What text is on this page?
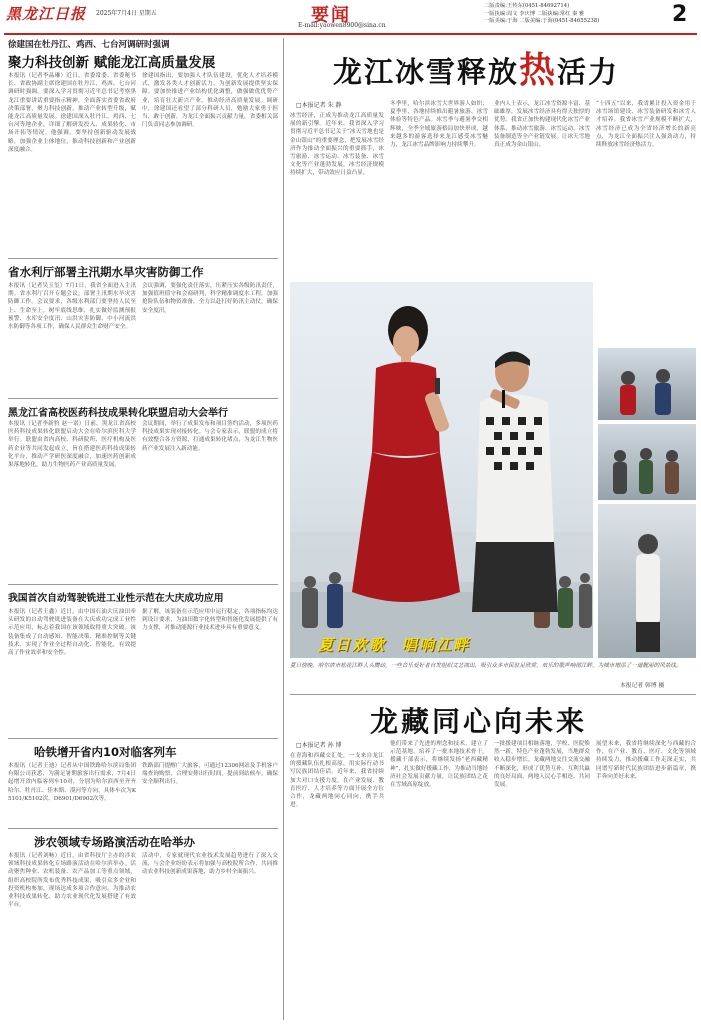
黑龙江日报 2025年7月4日 星期五	要闻
E-mail:yaowen8900@sina.cn
二版责编:王传东(0451-84692714)
一版执编:周文 李庆博 二版执编:常红 秦 雅
一版美编:于海 二版美编:于海(0451-84655238)	2
徐建国在牡丹江、鸡西、七台河调研时强调
聚力科技创新 赋能龙江高质量发展
本报讯（记者李晶琳）近日，省委常委、省委秘书长、省政协副主席徐建国在牡丹江、鸡西、七台河调研时强调，要深入学习贯彻习近平总书记考察黑龙江重要讲话重要指示精神，全面落实省委省政府决策部署，聚力科技创新，推动产业转型升级，赋能龙江高质量发展。徐建国深入牡丹江、鸡西、七台河等地企业，详细了解研发投入、成果转化、市场开拓等情况。他强调，要坚持创新驱动发展战略，加强企业主体地位，推动科技创新和产业创新深度融合。
徐建国指出，要加强人才队伍建设，优化人才培养模式，激发各类人才创新活力，为创新发展提供坚实保障。要加快推进产业结构优化调整，做强做优优势产业，培育壮大新兴产业，推动经济高质量发展。调研中，徐建国还看望了部分科研人员，勉励大家勇于担当、敢于创新，为龙江全面振兴贡献力量。省委相关部门负责同志参加调研。
省水利厅部署主汛期水旱灾害防御工作
本报讯（记者吴玉玺）7月1日，我省全面进入主汛期。省水利厅召开专题会议，部署主汛期水旱灾害防御工作。会议要求，各级水利部门要坚持人民至上、生命至上，树牢底线思维，扎实做好监测预报预警、水库安全度汛、山洪灾害防御、中小河流洪水防御等各项工作，确保人民群众生命财产安全。
会议强调，要强化责任落实，压紧压实各级防汛责任，加强值班值守和会商研判，科学精准调度水工程，加强抢险队伍和物资准备，全力以赴打好防汛主动仗，确保安全度汛。
黑龙江省高校医药科技成果转化联盟启动大会举行
本报讯（记者李新豹 赵一诺）日前，黑龙江省高校医药科技成果转化联盟启动大会在哈尔滨医科大学举行。联盟由省内高校、科研院所、医疗机构及医药企业等共同发起成立，旨在搭建医药科技成果转化平台，推动产学研医深度融合，加速医药创新成果落地转化，助力生物医药产业高质量发展。
会议期间，举行了成果发布和项目签约活动，多项医药科技成果实现对接转化。与会专家表示，联盟的成立将有效整合各方资源，打通成果转化堵点，为龙江生物医药产业发展注入新动能。
我国首次自动驾驶铣进工业性示范在大庆成功应用
本报讯（记者王鑫）近日，由中国石油大庆油田牵头研发的自动驾驶铣进装备在大庆成功完成工业性示范应用，标志着我国在该领域取得重大突破。该装备集成了自动感知、智能决策、精准控制等关键技术，实现了作业全过程自动化、智能化，有效提高了作业效率和安全性。
据了解，该装备在示范应用中运行稳定，各项指标均达到设计要求，为油田数字化转型和智能化发展提供了有力支撑，对推动能源行业技术进步具有重要意义。
哈铁增开省内10对临客列车
本报讯（记者王迪）记者从中国铁路哈尔滨局集团有限公司获悉，为满足暑期旅客出行需求，7月4日起增开省内临客列车10对，分别为哈尔滨西至齐齐哈尔、牡丹江、佳木斯、漠河等方向，具体车次为K5101/K5102次、D6901/D6902次等。
铁路部门提醒广大旅客，可通过12306网站及手机客户端查询购票，合理安排出行时间，提前到站候车，确保安全顺利出行。
涉农领域专场路演活动在哈举办
本报讯（记者刘畅）近日，由省科技厅主办的涉农领域科技成果转化专场路演活动在哈尔滨举办。活动聚焦种业、农机装备、农产品加工等重点领域，组织高校院所发布优秀科技成果，吸引众多企业和投资机构参加，现场达成多项合作意向，为推动农业科技成果转化、助力农业现代化发展搭建了有效平台。
活动中，专家就现代农业技术发展趋势进行了深入交流，与会企业纷纷表示将加强与高校院所合作，共同推动农业科技创新成果落地，助力乡村全面振兴。
龙江冰雪释放热活力
□本报记者 朱 静
冰雪经济，正成为推动龙江高质量发展的新引擎。近年来，我省深入学习贯彻习近平总书记关于“冰天雪地也是金山银山”的重要理念，把发展冰雪经济作为推动全面振兴的重要抓手，冰雪旅游、冰雪运动、冰雪装备、冰雪文化等产业蓬勃发展，冰雪经济规模持续扩大，带动效应日益凸显。
冬季里，哈尔滨冰雪大世界游人如织；夏季里，各地持续推出避暑旅游、冰雪体验等特色产品。冰雪季与避暑季交相辉映，全季全域旅游格局加快形成，越来越多的游客选择来龙江感受冰雪魅力，龙江冰雪品牌影响力持续攀升。
业内人士表示，龙江冰雪资源丰富、基础雄厚，发展冰雪经济具有得天独厚的优势。我省正加快构建现代化冰雪产业体系，推动冰雪旅游、冰雪运动、冰雪装备制造等全产业链发展，让冰天雪地真正成为金山银山。
“十四五”以来，我省累计投入资金用于冰雪场馆建设、冰雪装备研发和冰雪人才培养。我省冰雪产业规模不断扩大，冰雪经济已成为全省经济增长的新亮点，为龙江全面振兴注入强劲动力，持续释放冰雪经济热活力。
夏日欢歌 唱响江畔
夏日傍晚，哈尔滨市松花江畔人头攒动，一些音乐爱好者自发组织文艺演出，吸引众多市民驻足欣赏，欢乐的歌声响彻江畔，为城市增添了一道靓丽的风景线。
本报记者 韩博 摄
龙藏同心向未来
□本报记者 孙 博
在青海和西藏交汇处，一支来自龙江的援藏队伍扎根高原，用实际行动书写民族团结佳话。近年来，我省持续加大对口支援力度，在产业发展、教育医疗、人才培养等方面开展全方位合作，龙藏两地同心同向，携手共进。
他们带来了先进的理念和技术，建立了示范基地，培养了一批本地技术骨干。援藏干部表示，将继续发扬“老西藏精神”，扎实做好援藏工作，为推动当地经济社会发展贡献力量，让民族团结之花在雪域高原绽放。
一批援建项目相继落地，学校、医院焕然一新，特色产业蓬勃发展，当地群众收入稳步增长。龙藏两地交往交流交融不断深化，形成了优势互补、互利共赢的良好局面，两地人民心手相连、共同发展。
展望未来，我省将继续深化与西藏的合作，在产业、教育、医疗、文化等领域持续发力，推动援藏工作走深走实，共同谱写新时代民族团结进步新篇章，携手奔向美好未来。
